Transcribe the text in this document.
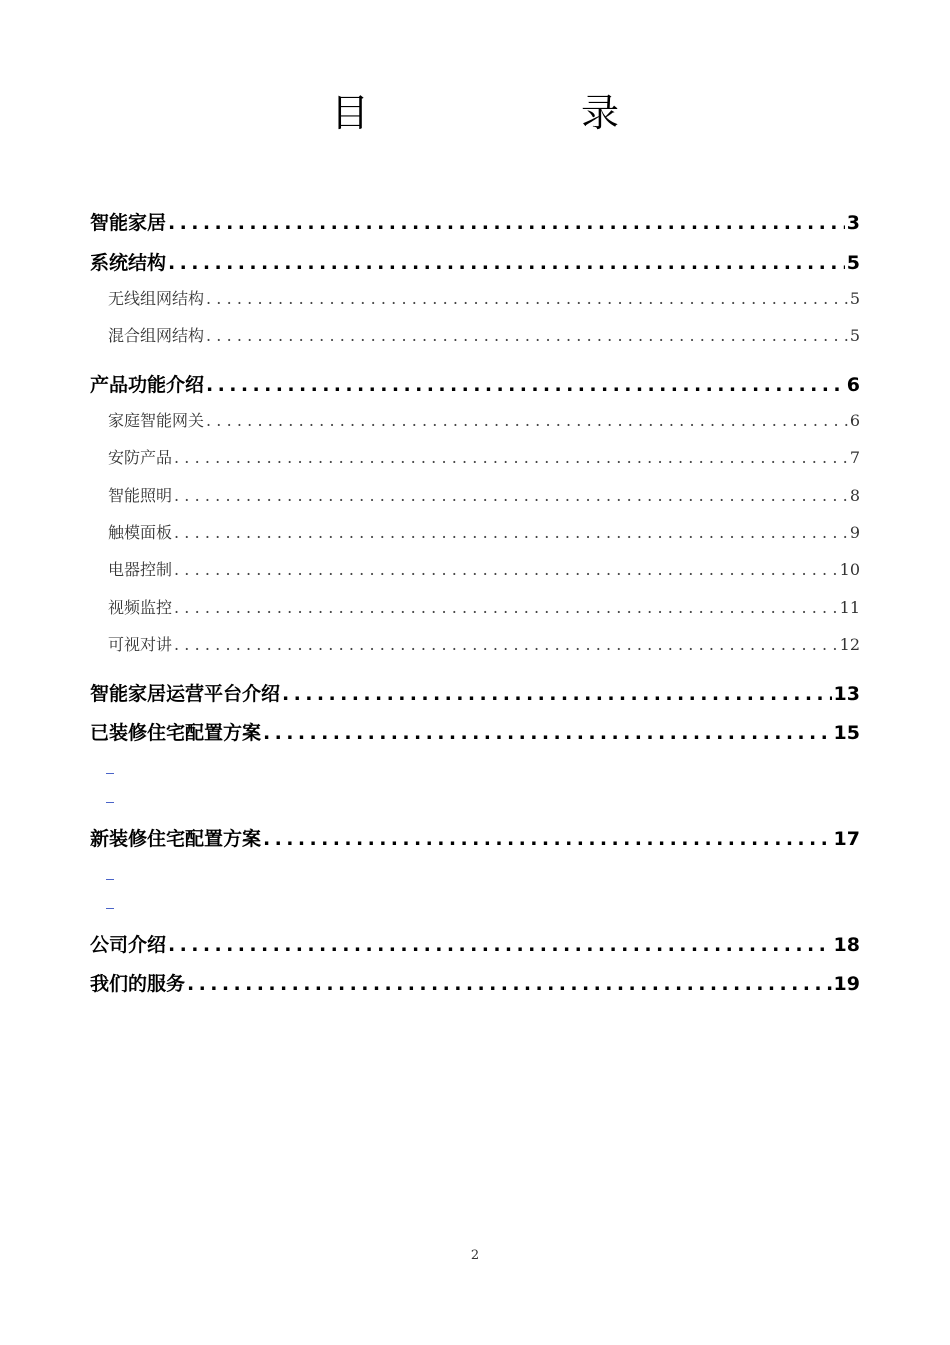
目 录
智能家居 .....	3
系统结构 .....	5
无线组网结构 .....	5
混合组网结构 .....	5
产品功能介绍 .....	6
家庭智能网关 .....	6
安防产品 .....	7
智能照明 .....	8
触模面板 .....	9
电器控制 .....	10
视频监控 .....	11
可视对讲 .....	12
智能家居运营平台介绍 .....	13
已装修住宅配置方案 .....	15
新装修住宅配置方案 .....	17
公司介绍 .....	18
我们的服务 .....	19
2
